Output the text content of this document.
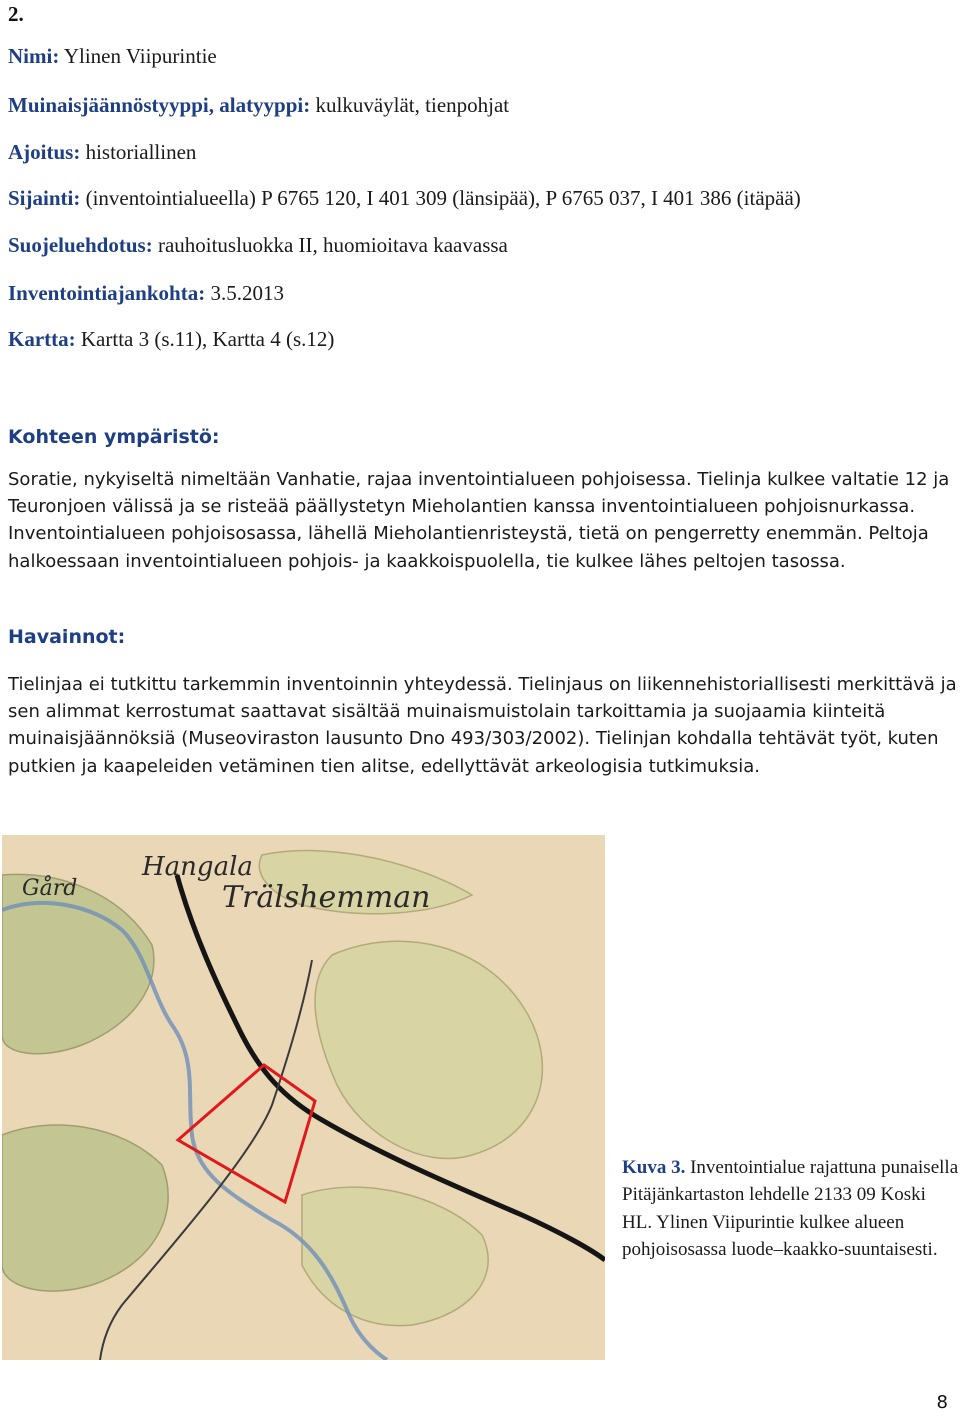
2.
Nimi: Ylinen Viipurintie
Muinaisjäännöstyyppi, alatyyppi: kulkuväylät, tienpohjat
Ajoitus: historiallinen
Sijainti: (inventointialueella) P 6765 120, I 401 309 (länsipää), P 6765 037, I 401 386 (itäpää)
Suojeluehdotus: rauhoitusluokka II, huomioitava kaavassa
Inventointiajankohta: 3.5.2013
Kartta: Kartta 3 (s.11), Kartta 4 (s.12)
Kohteen ympäristö:

Soratie, nykyiseltä nimeltään Vanhatie, rajaa inventointialueen pohjoisessa. Tielinja kulkee valtatie 12 ja Teuronjoen välissä ja se risteää päällystetyn Mieholantien kanssa inventointialueen pohjoisnurkassa. Inventointialueen pohjoisosassa, lähellä Mieholantienristeystä, tietä on pengerretty enemmän. Peltoja halkoessaan inventointialueen pohjois- ja kaakkoispuolella, tie kulkee lähes peltojen tasossa.

Havainnot:

Tielinjaa ei tutkittu tarkemmin inventoinnin yhteydessä. Tielinjaus on liikennehistoriallisesti merkittävä ja sen alimmat kerrostumat saattavat sisältää muinaismuistolain tarkoittamia ja suojaamia kiinteitä muinaisjäännöksiä (Museoviraston lausunto Dno 493/303/2002). Tielinjan kohdalla tehtävät työt, kuten putkien ja kaapeleiden vetäminen tien alitse, edellyttävät arkeologisia tutkimuksia.

Hangala
Trälshemman
Gård

Kuva 3. Inventointialue rajattuna punaisella Pitäjänkartaston lehdelle 2133 09 Koski HL. Ylinen Viipurintie kulkee alueen pohjoisosassa luode–kaakko-suuntaisesti.

8
